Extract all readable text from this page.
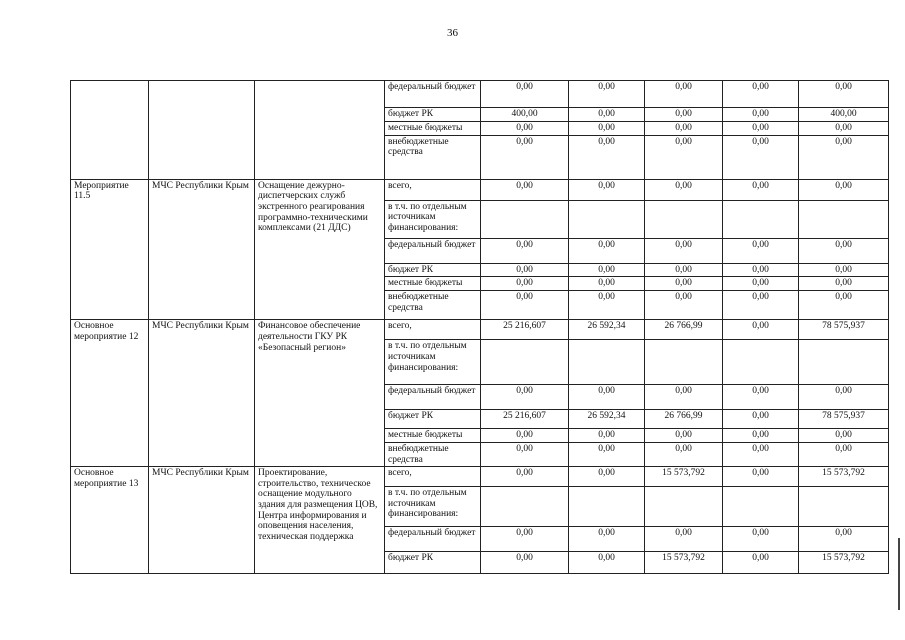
36
			федеральный бюджет	0,00	0,00	0,00	0,00	0,00
			бюджет РК	400,00	0,00	0,00	0,00	400,00
			местные бюджеты	0,00	0,00	0,00	0,00	0,00
			внебюджетные средства	0,00	0,00	0,00	0,00	0,00
Мероприятие 11.5	МЧС Республики Крым	Оснащение дежурно-диспетчерских служб экстренного реагирования программно-техническими комплексами (21 ДДС)	всего,	0,00	0,00	0,00	0,00	0,00
			в т.ч. по отдельным источникам финансирования:					
			федеральный бюджет	0,00	0,00	0,00	0,00	0,00
			бюджет РК	0,00	0,00	0,00	0,00	0,00
			местные бюджеты	0,00	0,00	0,00	0,00	0,00
			внебюджетные средства	0,00	0,00	0,00	0,00	0,00
Основное мероприятие 12	МЧС Республики Крым	Финансовое обеспечение деятельности ГКУ РК «Безопасный регион»	всего,	25 216,607	26 592,34	26 766,99	0,00	78 575,937
			в т.ч. по отдельным источникам финансирования:					
			федеральный бюджет	0,00	0,00	0,00	0,00	0,00
			бюджет РК	25 216,607	26 592,34	26 766,99	0,00	78 575,937
			местные бюджеты	0,00	0,00	0,00	0,00	0,00
			внебюджетные средства	0,00	0,00	0,00	0,00	0,00
Основное мероприятие 13	МЧС Республики Крым	Проектирование, строительство, техническое оснащение модульного здания для размещения ЦОВ, Центра информирования и оповещения населения, техническая поддержка	всего,	0,00	0,00	15 573,792	0,00	15 573,792
			в т.ч. по отдельным источникам финансирования:					
			федеральный бюджет	0,00	0,00	0,00	0,00	0,00
			бюджет РК	0,00	0,00	15 573,792	0,00	15 573,792
